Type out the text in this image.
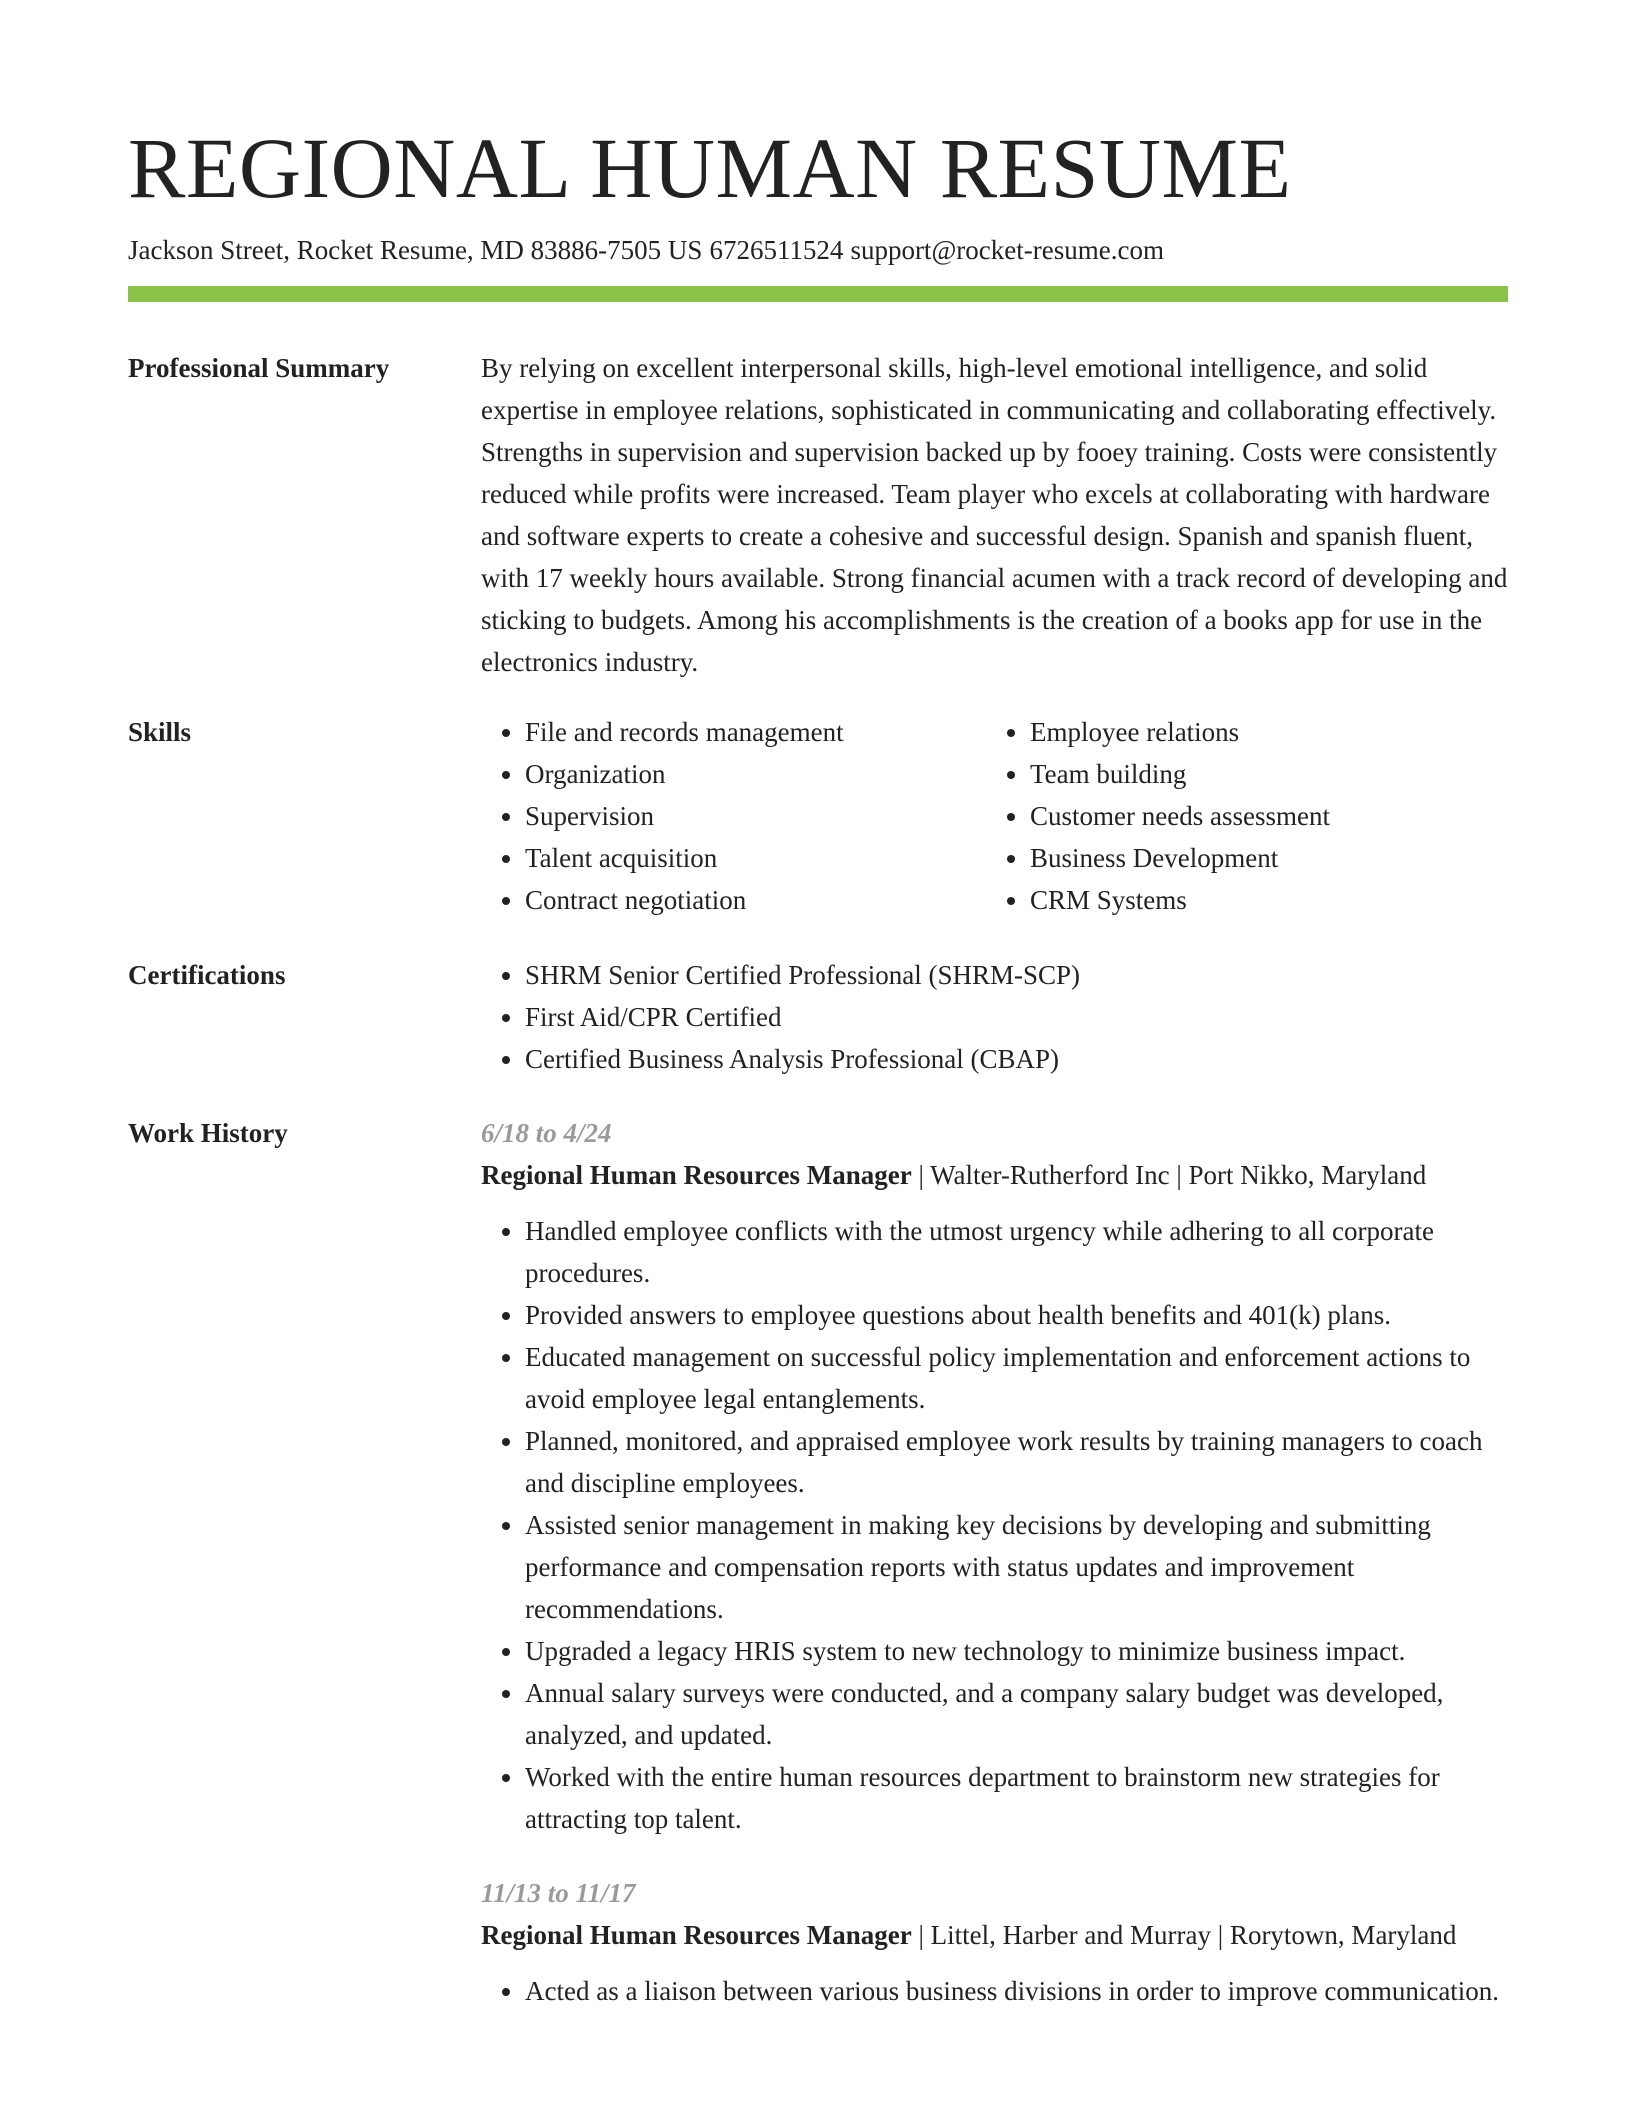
REGIONAL HUMAN RESUME
Jackson Street, Rocket Resume, MD 83886-7505 US 6726511524 support@rocket-resume.com
Professional Summary	By relying on excellent interpersonal skills, high-level emotional intelligence, and solid expertise in employee relations, sophisticated in communicating and collaborating effectively. Strengths in supervision and supervision backed up by fooey training. Costs were consistently reduced while profits were increased. Team player who excels at collaborating with hardware and software experts to create a cohesive and successful design. Spanish and spanish fluent, with 17 weekly hours available. Strong financial acumen with a track record of developing and sticking to budgets. Among his accomplishments is the creation of a books app for use in the electronics industry.

Skills	• File and records management
• Organization
• Supervision
• Talent acquisition
• Contract negotiation
• Employee relations
• Team building
• Customer needs assessment
• Business Development
• CRM Systems
Certifications	• SHRM Senior Certified Professional (SHRM-SCP)
• First Aid/CPR Certified
• Certified Business Analysis Professional (CBAP)
Work History	6/18 to 4/24

Regional Human Resources Manager | Walter-Rutherford Inc | Port Nikko, Maryland

• Handled employee conflicts with the utmost urgency while adhering to all corporate procedures.
• Provided answers to employee questions about health benefits and 401(k) plans.
• Educated management on successful policy implementation and enforcement actions to avoid employee legal entanglements.
• Planned, monitored, and appraised employee work results by training managers to coach and discipline employees.
• Assisted senior management in making key decisions by developing and submitting performance and compensation reports with status updates and improvement recommendations.
• Upgraded a legacy HRIS system to new technology to minimize business impact.
• Annual salary surveys were conducted, and a company salary budget was developed, analyzed, and updated.
• Worked with the entire human resources department to brainstorm new strategies for attracting top talent.

11/13 to 11/17

Regional Human Resources Manager | Littel, Harber and Murray | Rorytown, Maryland

• Acted as a liaison between various business divisions in order to improve communication.
